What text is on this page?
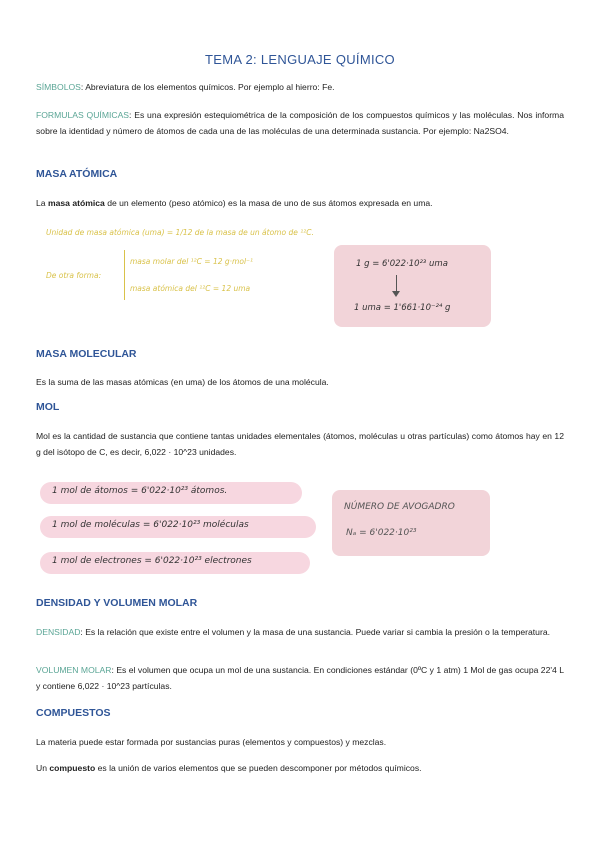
TEMA 2: LENGUAJE QUÍMICO
SÍMBOLOS: Abreviatura de los elementos químicos. Por ejemplo al hierro: Fe.
FORMULAS QUÍMICAS: Es una expresión estequiométrica de la composición de los compuestos químicos y las moléculas. Nos informa sobre la identidad y número de átomos de cada una de las moléculas de una determinada sustancia. Por ejemplo: Na2SO4.
MASA ATÓMICA
La masa atómica de un elemento (peso atómico) es la masa de uno de sus átomos expresada en uma.
Unidad de masa atómica (uma) = 1/12 de la masa de un átomo de ¹²C.
De otra forma:
masa molar del ¹²C = 12 g·mol⁻¹
masa atómica del ¹²C = 12 uma
1 g = 6'022·10²³ uma
1 uma = 1'661·10⁻²⁴ g
MASA MOLECULAR
Es la suma de las masas atómicas (en uma) de los átomos de una molécula.
MOL
Mol es la cantidad de sustancia que contiene tantas unidades elementales (átomos, moléculas u otras partículas) como átomos hay en 12 g del isótopo de C, es decir, 6,022 · 10^23 unidades.
1 mol de átomos = 6'022·10²³ átomos.
1 mol de moléculas = 6'022·10²³ moléculas
1 mol de electrones = 6'022·10²³ electrones
NÚMERO DE AVOGADRO
Nₐ = 6'022·10²³
DENSIDAD Y VOLUMEN MOLAR
DENSIDAD: Es la relación que existe entre el volumen y la masa de una sustancia. Puede variar si cambia la presión o la temperatura.
VOLUMEN MOLAR: Es el volumen que ocupa un mol de una sustancia. En condiciones estándar (0ºC y 1 atm) 1 Mol de gas ocupa 22'4 L y contiene 6,022 · 10^23 partículas.
COMPUESTOS
La materia puede estar formada por sustancias puras (elementos y compuestos) y mezclas.
Un compuesto es la unión de varios elementos que se pueden descomponer por métodos químicos.
